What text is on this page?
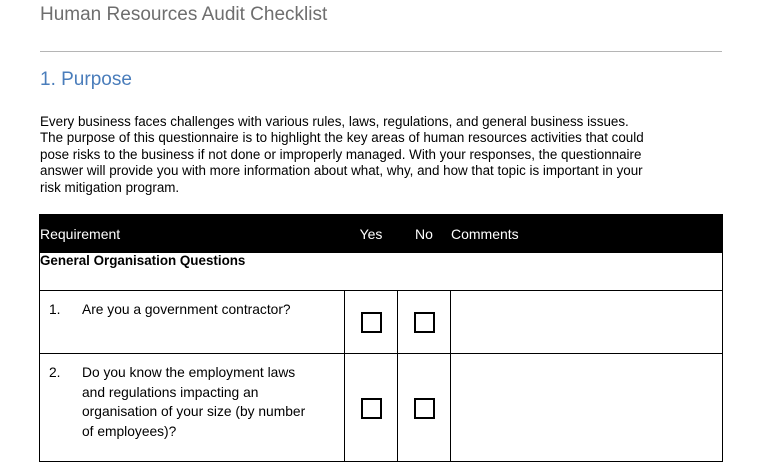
Human Resources Audit Checklist
1. Purpose
Every business faces challenges with various rules, laws, regulations, and general business issues.
The purpose of this questionnaire is to highlight the key areas of human resources activities that could
pose risks to the business if not done or improperly managed. With your responses, the questionnaire
answer will provide you with more information about what, why, and how that topic is important in your
risk mitigation program.
Requirement	Yes	No	Comments
General Organisation Questions			

1. Are you a government contractor?			

2. Do you know the employment laws
and regulations impacting an
organisation of your size (by number
of employees)?			
